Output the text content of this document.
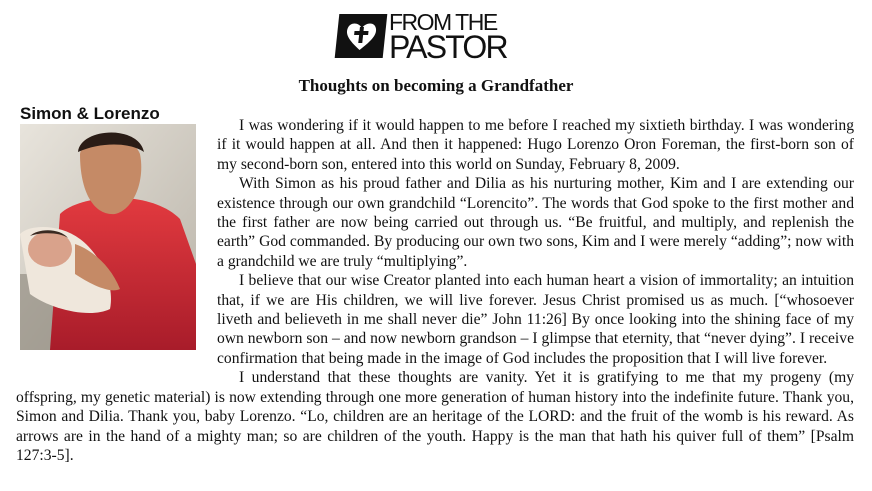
FROM THE
PASTOR
Thoughts on becoming a Grandfather
Simon & Lorenzo

I was wondering if it would happen to me before I reached my sixtieth birthday. I was wondering if it would happen at all. And then it happened: Hugo Lorenzo Oron Foreman, the first-born son of my second-born son, entered into this world on Sunday, February 8, 2009.

With Simon as his proud father and Dilia as his nurturing mother, Kim and I are extending our existence through our own grandchild “Lorencito”. The words that God spoke to the first mother and the first father are now being carried out through us. “Be fruitful, and multiply, and replenish the earth” God commanded. By producing our own two sons, Kim and I were merely “adding”; now with a grandchild we are truly “multiplying”.

I believe that our wise Creator planted into each human heart a vision of immortality; an intuition that, if we are His children, we will live forever. Jesus Christ promised us as much. [“whosoever liveth and believeth in me shall never die” John 11:26] By once looking into the shining face of my own newborn son – and now newborn grandson – I glimpse that eternity, that “never dying”. I receive confirmation that being made in the image of God includes the proposition that I will live forever.

I understand that these thoughts are vanity. Yet it is gratifying to me that my progeny (my offspring, my genetic material) is now extending through one more generation of human history into the indefinite future. Thank you, Simon and Dilia. Thank you, baby Lorenzo. “Lo, children are an heritage of the LORD: and the fruit of the womb is his reward. As arrows are in the hand of a mighty man; so are children of the youth. Happy is the man that hath his quiver full of them” [Psalm 127:3-5].
